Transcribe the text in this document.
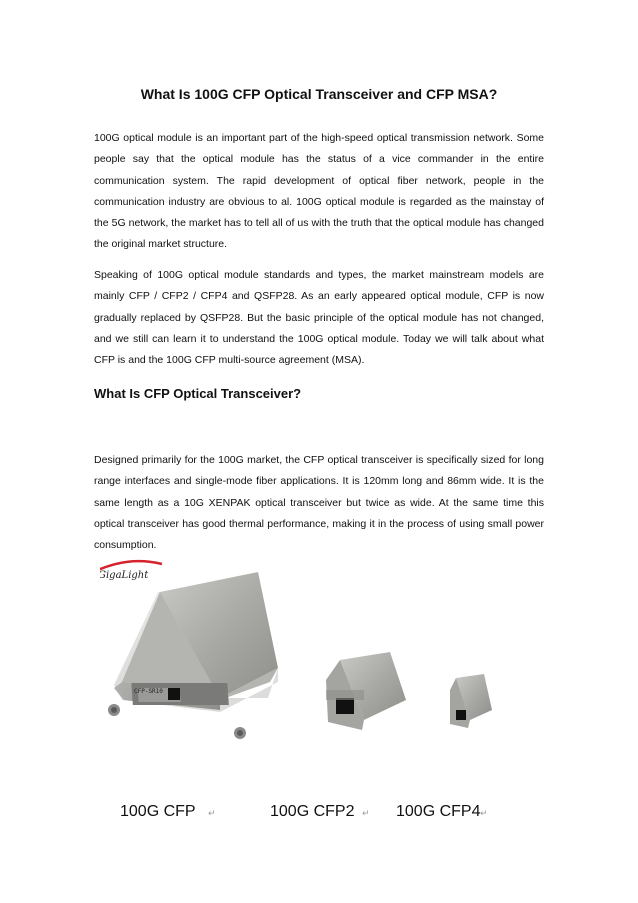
What Is 100G CFP Optical Transceiver and CFP MSA?

100G optical module is an important part of the high-speed optical transmission network. Some people say that the optical module has the status of a vice commander in the entire communication system. The rapid development of optical fiber network, people in the communication industry are obvious to al. 100G optical module is regarded as the mainstay of the 5G network, the market has to tell all of us with the truth that the optical module has changed the original market structure.

Speaking of 100G optical module standards and types, the market mainstream models are mainly CFP / CFP2 / CFP4 and QSFP28. As an early appeared optical module, CFP is now gradually replaced by QSFP28. But the basic principle of the optical module has not changed, and we still can learn it to understand the 100G optical module. Today we will talk about what CFP is and the 100G CFP multi-source agreement (MSA).

What Is CFP Optical Transceiver?

Designed primarily for the 100G market, the CFP optical transceiver is specifically sized for long range interfaces and single-mode fiber applications. It is 120mm long and 86mm wide. It is the same length as a 10G XENPAK optical transceiver but twice as wide. At the same time this optical transceiver has good thermal performance, making it in the process of using small power consumption.

GigaLight
CFP-SR10
100G CFP	100G CFP2	100G CFP4
↵	↵	↵
